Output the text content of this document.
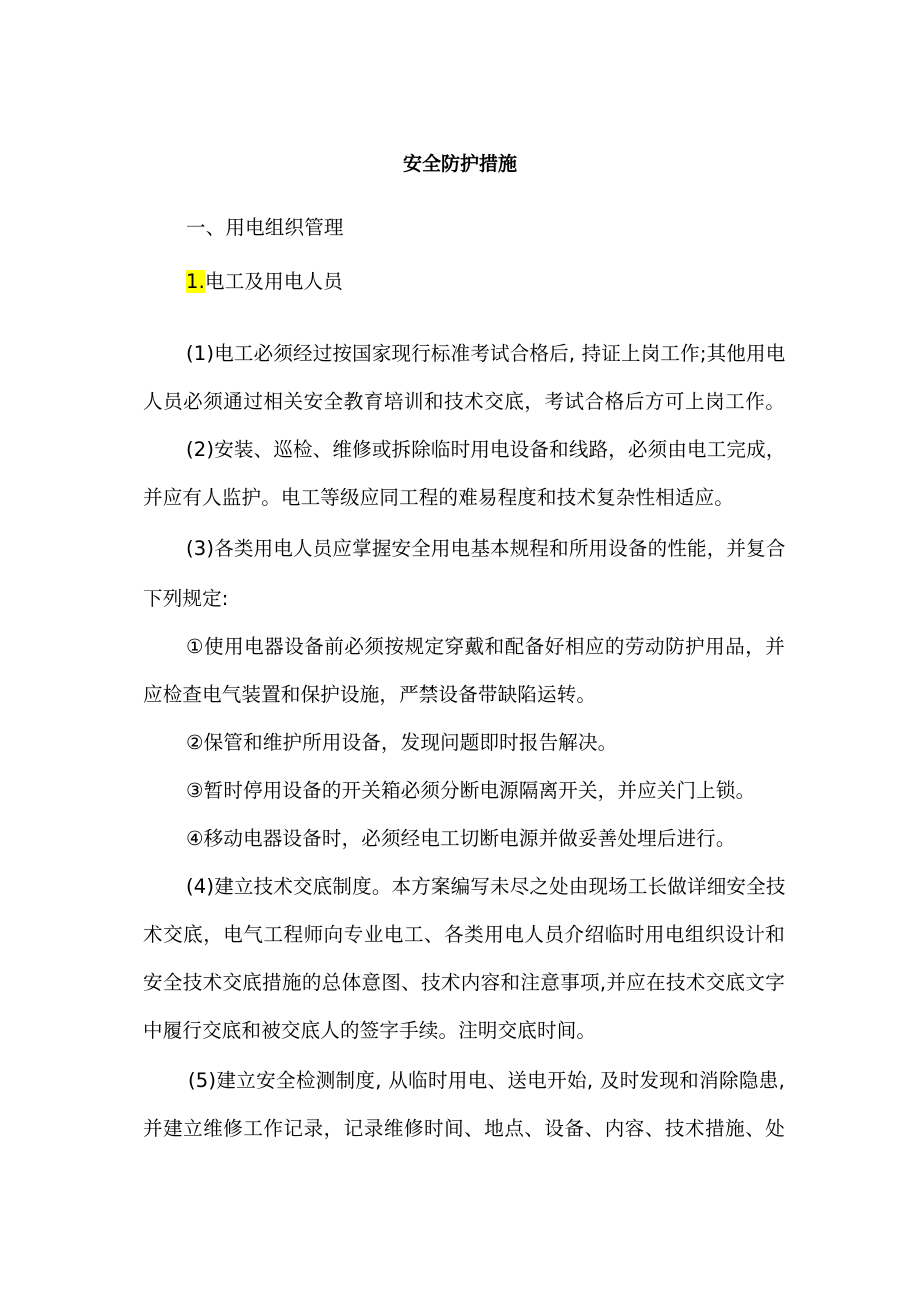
安全防护措施
一、用电组织管理
1.电工及用电人员
(1)电工必须经过按国家现行标准考试合格后, 持证上岗工作;其他用电
人员必须通过相关安全教育培训和技术交底，考试合格后方可上岗工作。
(2)安装、巡检、维修或拆除临时用电设备和线路，必须由电工完成，
并应有人监护。电工等级应同工程的难易程度和技术复杂性相适应。
(3)各类用电人员应掌握安全用电基本规程和所用设备的性能，并复合
下列规定:
①使用电器设备前必须按规定穿戴和配备好相应的劳动防护用品，并
应检查电气装置和保护设施，严禁设备带缺陷运转。
②保管和维护所用设备，发现问题即时报告解决。
③暂时停用设备的开关箱必须分断电源隔离开关，并应关门上锁。
④移动电器设备时，必须经电工切断电源并做妥善处埋后进行。
(4)建立技术交底制度。本方案编写未尽之处由现场工长做详细安全技
术交底，电气工程师向专业电工、各类用电人员介绍临时用电组织设计和
安全技术交底措施的总体意图、技术内容和注意事项,并应在技术交底文字
中履行交底和被交底人的签字手续。注明交底时间。
(5)建立安全检测制度, 从临时用电、送电开始, 及时发现和消除隐患,
并建立维修工作记录，记录维修时间、地点、设备、内容、技术措施、处
